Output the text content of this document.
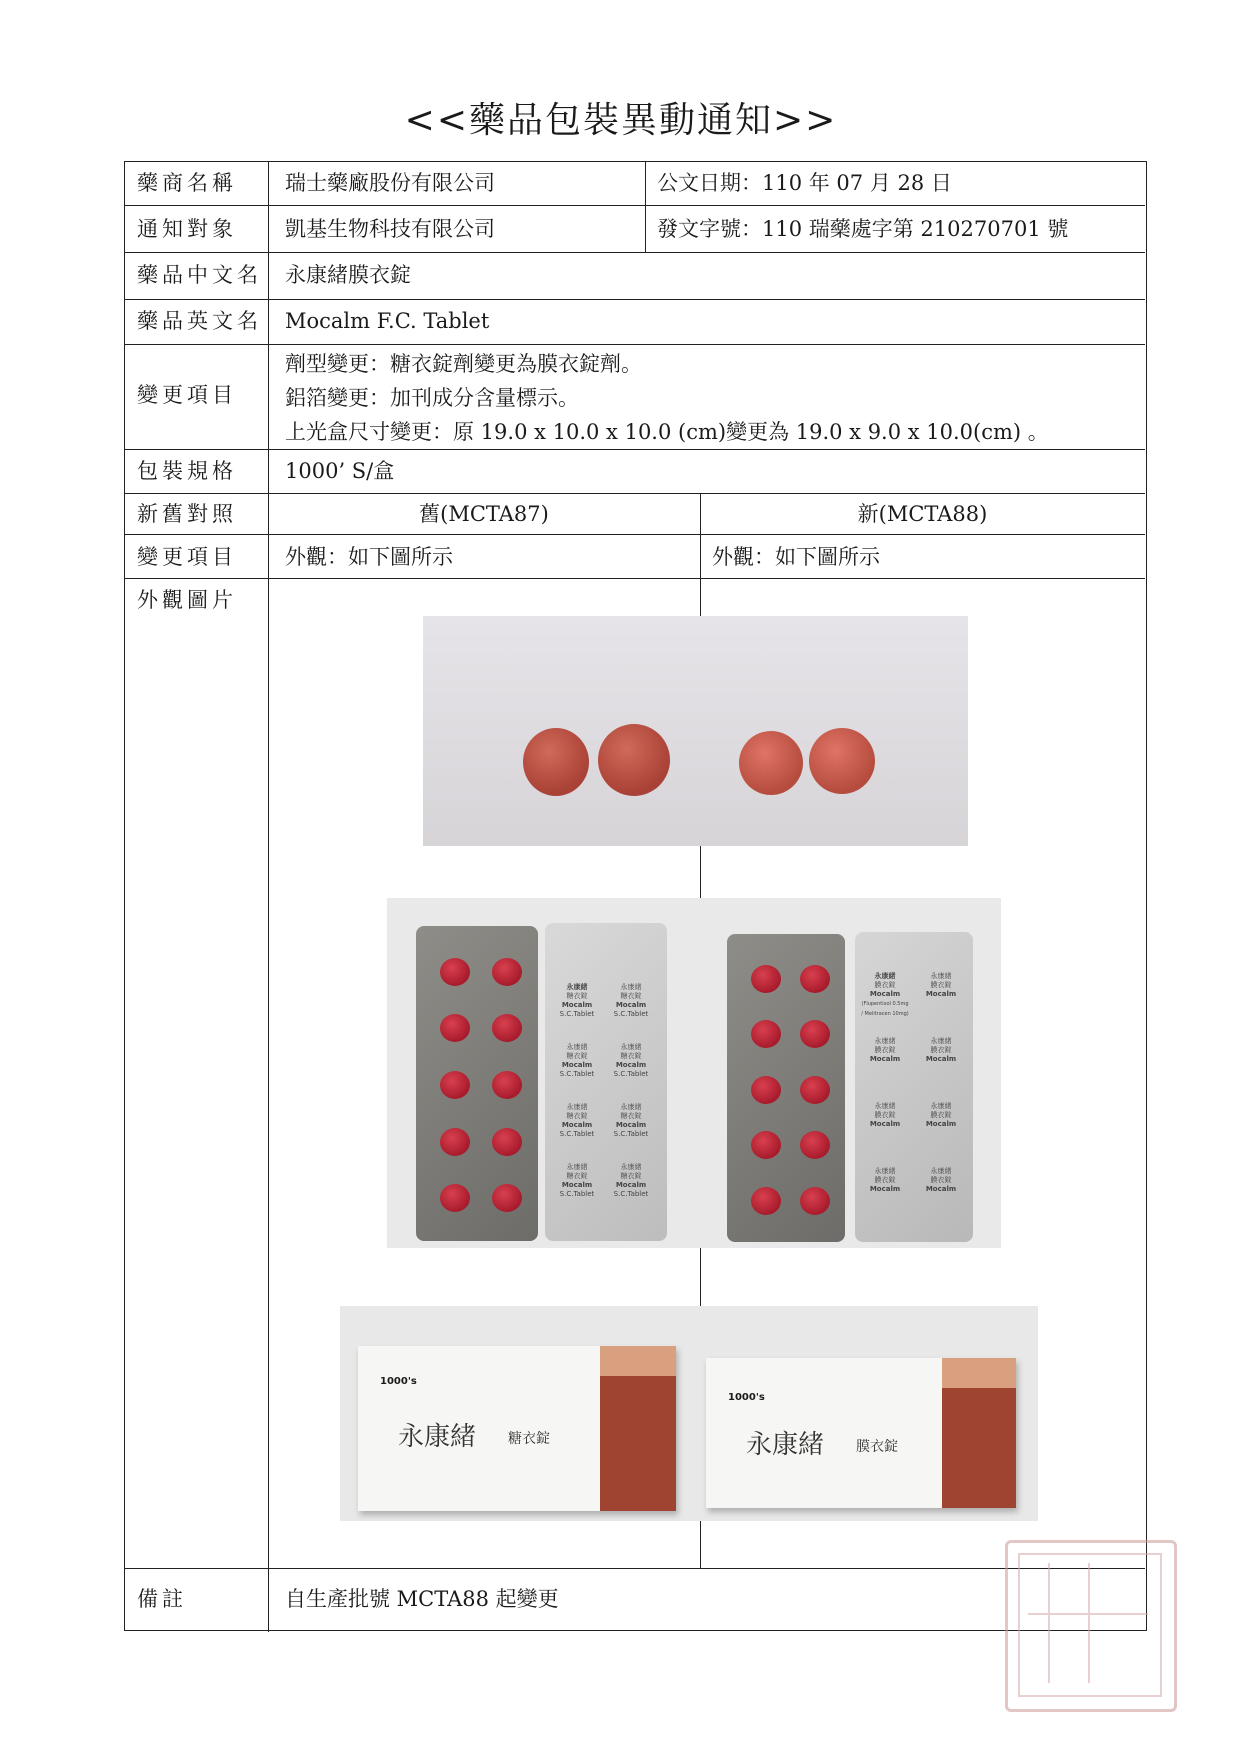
<<藥品包裝異動通知>>
藥商名稱 瑞士藥廠股份有限公司	公文日期：110 年 07 月 28 日
通知對象 凱基生物科技有限公司	發文字號：110 瑞藥處字第 210270701 號
藥品中文名 永康緒膜衣錠
藥品英文名 Mocalm F.C. Tablet
變更項目
劑型變更：糖衣錠劑變更為膜衣錠劑。
鋁箔變更：加刊成分含量標示。
上光盒尺寸變更：原 19.0 x 10.0 x 10.0 (cm)變更為 19.0 x 9.0 x 10.0(cm) 。
包裝規格 1000’ S/盒
新舊對照	舊(MCTA87)	新(MCTA88)
變更項目 外觀：如下圖所示	外觀：如下圖所示
外觀圖片
備註	自生產批號 MCTA88 起變更
永康緒
糖衣錠
Mocalm
S.C.Tablet
永康緒
糖衣錠
Mocalm
S.C.Tablet
永康緒
糖衣錠
Mocalm
S.C.Tablet
永康緒
糖衣錠
Mocalm
S.C.Tablet
永康緒
糖衣錠
Mocalm
S.C.Tablet
永康緒
糖衣錠
Mocalm
S.C.Tablet
永康緒
糖衣錠
Mocalm
S.C.Tablet
永康緒
糖衣錠
Mocalm
S.C.Tablet
永康緒
膜衣錠
Mocalm
(Flupentixol 0.5mg / Melitracen 10mg)
永康緒
膜衣錠
Mocalm
永康緒
膜衣錠
Mocalm
永康緒
膜衣錠
Mocalm
永康緒
膜衣錠
Mocalm
永康緒
膜衣錠
Mocalm
永康緒
膜衣錠
Mocalm
永康緒
膜衣錠
Mocalm
1000's
永康緒 糖衣錠
1000's
永康緒 膜衣錠
